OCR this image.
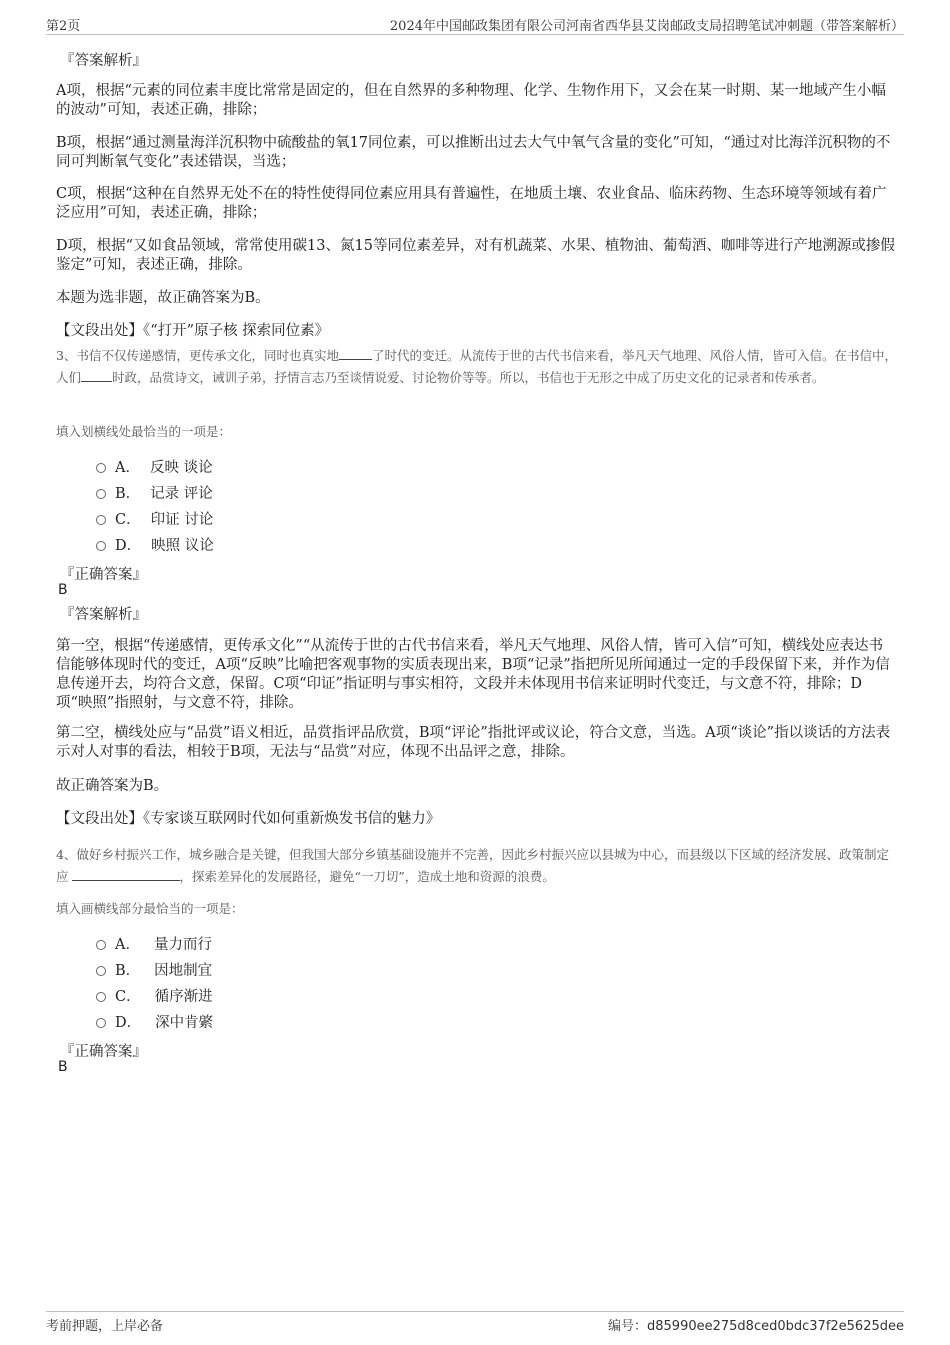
第2页	2024年中国邮政集团有限公司河南省西华县艾岗邮政支局招聘笔试冲刺题（带答案解析）
『答案解析』
A项，根据“元素的同位素丰度比常常是固定的，但在自然界的多种物理、化学、生物作用下，又会在某一时期、某一地域产生小幅的波动”可知，表述正确，排除；
B项，根据“通过测量海洋沉积物中硫酸盐的氧17同位素，可以推断出过去大气中氧气含量的变化”可知，“通过对比海洋沉积物的不同可判断氧气变化”表述错误，当选；
C项，根据“这种在自然界无处不在的特性使得同位素应用具有普遍性，在地质土壤、农业食品、临床药物、生态环境等领域有着广泛应用”可知，表述正确，排除；
D项，根据“又如食品领域，常常使用碳13、氮15等同位素差异，对有机蔬菜、水果、植物油、葡萄酒、咖啡等进行产地溯源或掺假鉴定”可知，表述正确，排除。
本题为选非题，故正确答案为B。
【文段出处】《“打开”原子核 探索同位素》
3、书信不仅传递感情，更传承文化，同时也真实地	了时代的变迁。从流传于世的古代书信来看，举凡天气地理、风俗人情，皆可入信。在书信中，人们 时政，品赏诗文，诫训子弟，抒情言志乃至谈情说爱、讨论物价等等。所以，书信也于无形之中成了历史文化的记录者和传承者。
填入划横线处最恰当的一项是：
A． 反映 谈论
B． 记录 评论
C． 印证 讨论
D． 映照 议论
『正确答案』
B
『答案解析』
第一空，根据“传递感情，更传承文化”“从流传于世的古代书信来看，举凡天气地理、风俗人情，皆可入信”可知，横线处应表达书信能够体现时代的变迁，A项“反映”比喻把客观事物的实质表现出来，B项“记录”指把所见所闻通过一定的手段保留下来，并作为信息传递开去，均符合文意，保留。C项“印证”指证明与事实相符，文段并未体现用书信来证明时代变迁，与文意不符，排除；D项“映照”指照射，与文意不符，排除。
第二空，横线处应与“品赏”语义相近，品赏指评品欣赏，B项“评论”指批评或议论，符合文意，当选。A项“谈论”指以谈话的方法表示对人对事的看法，相较于B项，无法与“品赏”对应，体现不出品评之意，排除。
故正确答案为B。
【文段出处】《专家谈互联网时代如何重新焕发书信的魅力》
4、做好乡村振兴工作，城乡融合是关键，但我国大部分乡镇基础设施并不完善，因此乡村振兴应以县城为中心，而县级以下区域的经济发展、政策制定应	，探索差异化的发展路径，避免“一刀切”，造成土地和资源的浪费。
填入画横线部分最恰当的一项是：
A． 量力而行
B． 因地制宜
C． 循序渐进
D． 深中肯綮
『正确答案』
B
考前押题，上岸必备	编号：d85990ee275d8ced0bdc37f2e5625dee
